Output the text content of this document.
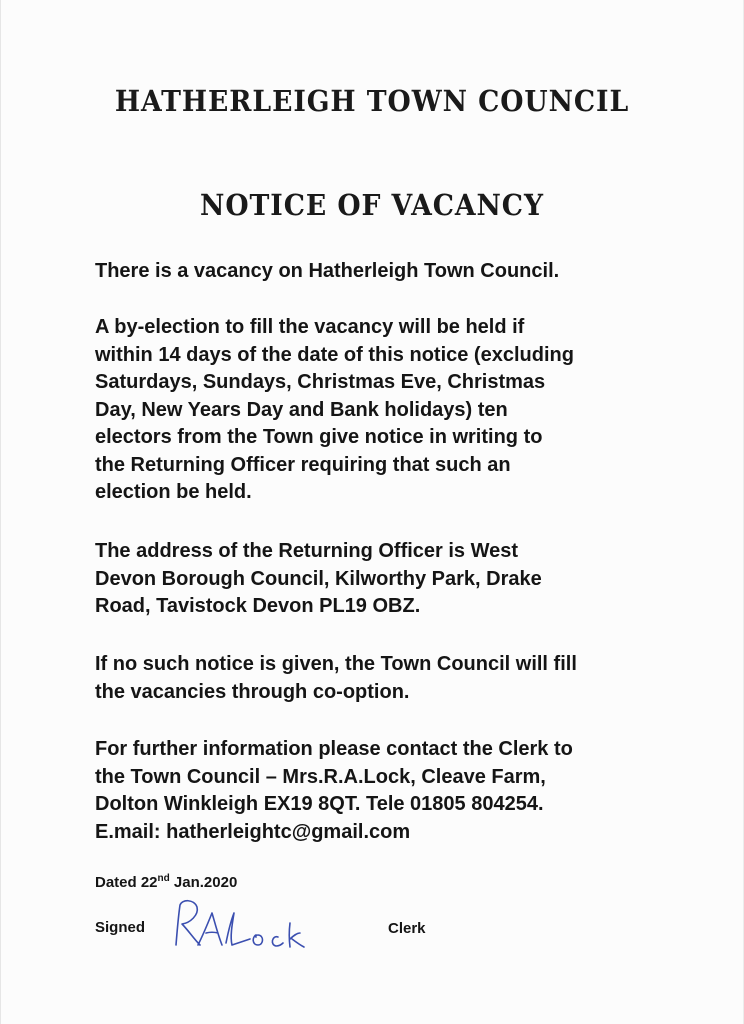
HATHERLEIGH TOWN COUNCIL
NOTICE OF VACANCY

There is a vacancy on Hatherleigh Town Council.

A by-election to fill the vacancy will be held if
within 14 days of the date of this notice (excluding
Saturdays, Sundays, Christmas Eve, Christmas
Day, New Years Day and Bank holidays) ten
electors from the Town give notice in writing to
the Returning Officer requiring that such an
election be held.

The address of the Returning Officer is West
Devon Borough Council, Kilworthy Park, Drake
Road, Tavistock Devon PL19 OBZ.

If no such notice is given, the Town Council will fill
the vacancies through co-option.

For further information please contact the Clerk to
the Town Council – Mrs.R.A.Lock, Cleave Farm,
Dolton Winkleigh EX19 8QT. Tele 01805 804254.
E.mail: hatherleightc@gmail.com

Dated 22nd Jan.2020
Signed	Clerk
